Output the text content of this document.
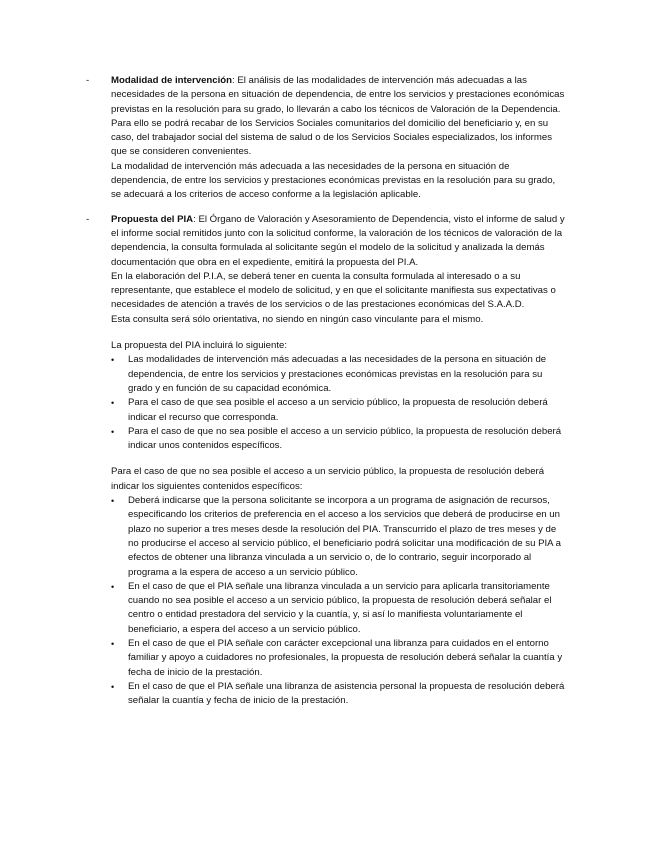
-	Modalidad de intervención: El análisis de las modalidades de intervención más adecuadas a las necesidades de la persona en situación de dependencia, de entre los servicios y prestaciones económicas previstas en la resolución para su grado, lo llevarán a cabo los técnicos de Valoración de la Dependencia.

Para ello se podrá recabar de los Servicios Sociales comunitarios del domicilio del beneficiario y, en su caso, del trabajador social del sistema de salud o de los Servicios Sociales especializados, los informes que se consideren convenientes.

La modalidad de intervención más adecuada a las necesidades de la persona en situación de dependencia, de entre los servicios y prestaciones económicas previstas en la resolución para su grado, se adecuará a los criterios de acceso conforme a la legislación aplicable.

-	Propuesta del PIA: El Órgano de Valoración y Asesoramiento de Dependencia, visto el informe de salud y el informe social remitidos junto con la solicitud conforme, la valoración de los técnicos de valoración de la dependencia, la consulta formulada al solicitante según el modelo de la solicitud y analizada la demás documentación que obra en el expediente, emitirá la propuesta del PI.A.

En la elaboración del P.I.A, se deberá tener en cuenta la consulta formulada al interesado o a su representante, que establece el modelo de solicitud, y en que el solicitante manifiesta sus expectativas o necesidades de atención a través de los servicios o de las prestaciones económicas del S.A.A.D.

Esta consulta será sólo orientativa, no siendo en ningún caso vinculante para el mismo.

La propuesta del PIA incluirá lo siguiente:

• Las modalidades de intervención más adecuadas a las necesidades de la persona en situación de dependencia, de entre los servicios y prestaciones económicas previstas en la resolución para su grado y en función de su capacidad económica.
• Para el caso de que sea posible el acceso a un servicio público, la propuesta de resolución deberá indicar el recurso que corresponda.
• Para el caso de que no sea posible el acceso a un servicio público, la propuesta de resolución deberá indicar unos contenidos específicos.

Para el caso de que no sea posible el acceso a un servicio público, la propuesta de resolución deberá indicar los siguientes contenidos específicos:

• Deberá indicarse que la persona solicitante se incorpora a un programa de asignación de recursos, especificando los criterios de preferencia en el acceso a los servicios que deberá de producirse en un plazo no superior a tres meses desde la resolución del PIA. Transcurrido el plazo de tres meses y de no producirse el acceso al servicio público, el beneficiario podrá solicitar una modificación de su PIA a efectos de obtener una libranza vinculada a un servicio o, de lo contrario, seguir incorporado al programa a la espera de acceso a un servicio público.
• En el caso de que el PIA señale una libranza vinculada a un servicio para aplicarla transitoriamente cuando no sea posible el acceso a un servicio público, la propuesta de resolución deberá señalar el centro o entidad prestadora del servicio y la cuantía, y, si así lo manifiesta voluntariamente el beneficiario, a espera del acceso a un servicio público.
• En el caso de que el PIA señale con carácter excepcional una libranza para cuidados en el entorno familiar y apoyo a cuidadores no profesionales, la propuesta de resolución deberá señalar la cuantía y fecha de inicio de la prestación.
• En el caso de que el PIA señale una libranza de asistencia personal la propuesta de resolución deberá señalar la cuantía y fecha de inicio de la prestación.
